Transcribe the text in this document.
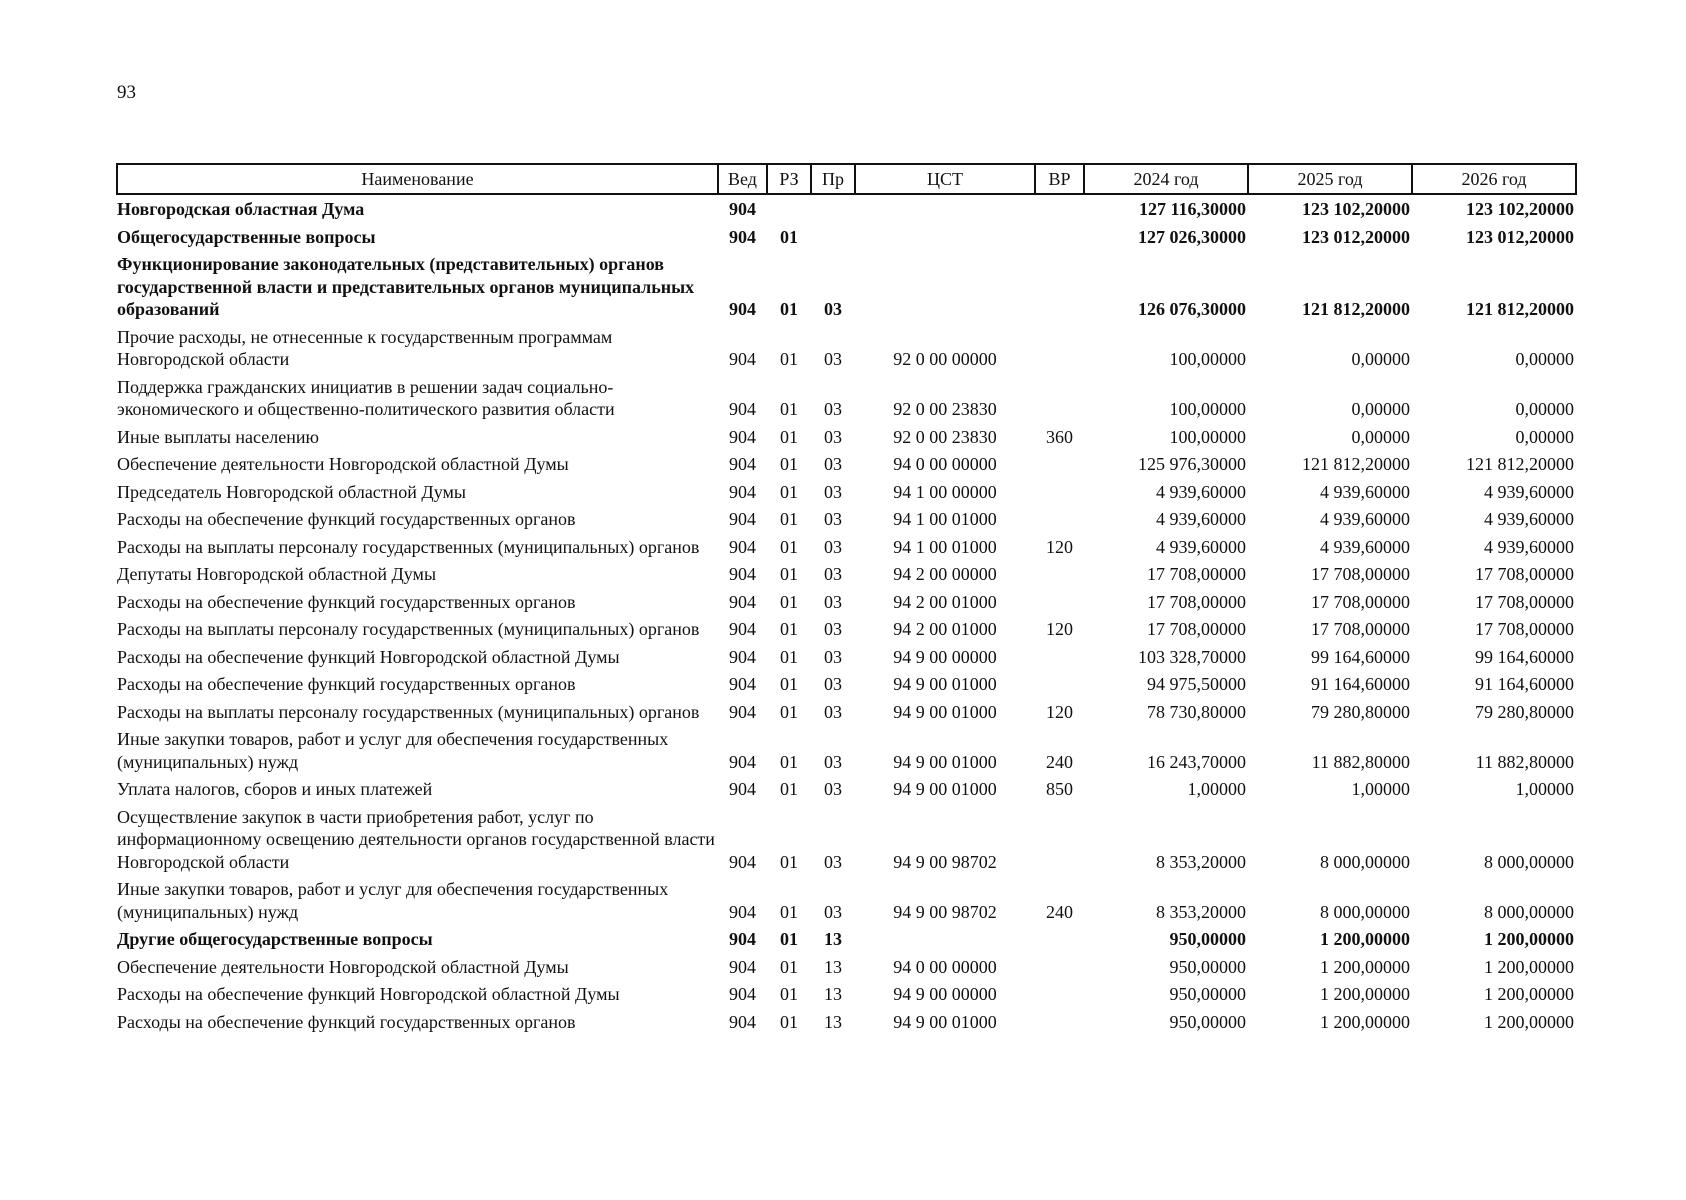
93
Наименование	Вед	РЗ	Пр	ЦСТ	ВР	2024 год	2025 год	2026 год
Новгородская областная Дума	904					127 116,30000	123 102,20000	123 102,20000
Общегосударственные вопросы	904	01				127 026,30000	123 012,20000	123 012,20000
Функционирование законодательных (представительных) органов государственной власти и представительных органов муниципальных образований	904	01	03			126 076,30000	121 812,20000	121 812,20000
Прочие расходы, не отнесенные к государственным программам Новгородской области	904	01	03	92 0 00 00000		100,00000	0,00000	0,00000
Поддержка гражданских инициатив в решении задач социально-экономического и общественно-политического развития области	904	01	03	92 0 00 23830		100,00000	0,00000	0,00000
Иные выплаты населению	904	01	03	92 0 00 23830	360	100,00000	0,00000	0,00000
Обеспечение деятельности Новгородской областной Думы	904	01	03	94 0 00 00000		125 976,30000	121 812,20000	121 812,20000
Председатель Новгородской областной Думы	904	01	03	94 1 00 00000		4 939,60000	4 939,60000	4 939,60000
Расходы на обеспечение функций государственных органов	904	01	03	94 1 00 01000		4 939,60000	4 939,60000	4 939,60000
Расходы на выплаты персоналу государственных (муниципальных) органов	904	01	03	94 1 00 01000	120	4 939,60000	4 939,60000	4 939,60000
Депутаты Новгородской областной Думы	904	01	03	94 2 00 00000		17 708,00000	17 708,00000	17 708,00000
Расходы на обеспечение функций государственных органов	904	01	03	94 2 00 01000		17 708,00000	17 708,00000	17 708,00000
Расходы на выплаты персоналу государственных (муниципальных) органов	904	01	03	94 2 00 01000	120	17 708,00000	17 708,00000	17 708,00000
Расходы на обеспечение функций Новгородской областной Думы	904	01	03	94 9 00 00000		103 328,70000	99 164,60000	99 164,60000
Расходы на обеспечение функций государственных органов	904	01	03	94 9 00 01000		94 975,50000	91 164,60000	91 164,60000
Расходы на выплаты персоналу государственных (муниципальных) органов	904	01	03	94 9 00 01000	120	78 730,80000	79 280,80000	79 280,80000
Иные закупки товаров, работ и услуг для обеспечения государственных (муниципальных) нужд	904	01	03	94 9 00 01000	240	16 243,70000	11 882,80000	11 882,80000
Уплата налогов, сборов и иных платежей	904	01	03	94 9 00 01000	850	1,00000	1,00000	1,00000
Осуществление закупок в части приобретения работ, услуг по информационному освещению деятельности органов государственной власти Новгородской области	904	01	03	94 9 00 98702		8 353,20000	8 000,00000	8 000,00000
Иные закупки товаров, работ и услуг для обеспечения государственных (муниципальных) нужд	904	01	03	94 9 00 98702	240	8 353,20000	8 000,00000	8 000,00000
Другие общегосударственные вопросы	904	01	13			950,00000	1 200,00000	1 200,00000
Обеспечение деятельности Новгородской областной Думы	904	01	13	94 0 00 00000		950,00000	1 200,00000	1 200,00000
Расходы на обеспечение функций Новгородской областной Думы	904	01	13	94 9 00 00000		950,00000	1 200,00000	1 200,00000
Расходы на обеспечение функций государственных органов	904	01	13	94 9 00 01000		950,00000	1 200,00000	1 200,00000
